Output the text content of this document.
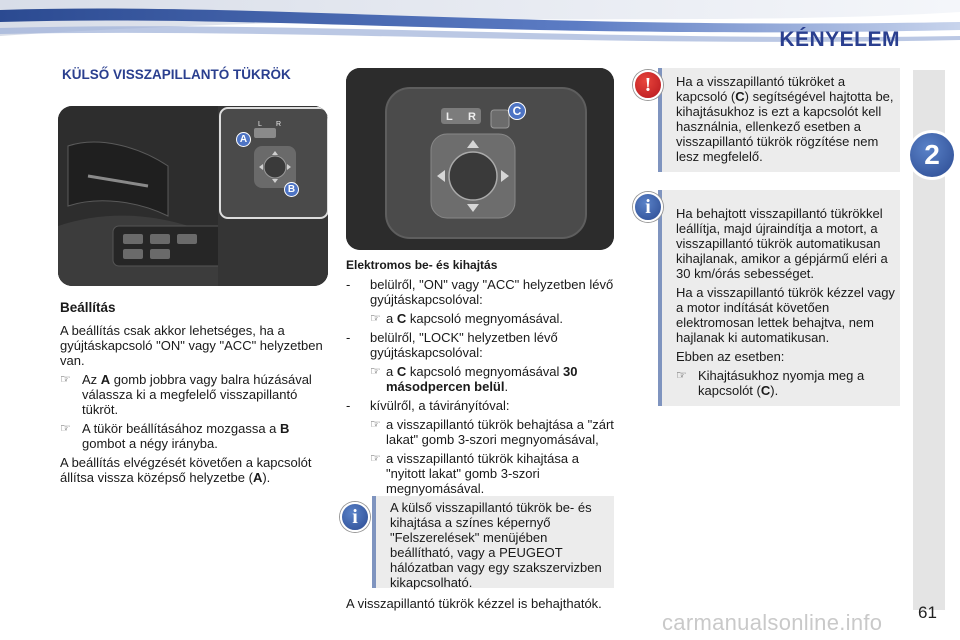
KÉNYELEM
2
KÜLSŐ VISSZAPILLANTÓ TÜKRÖK
L R
A
B
L R	C

Beállítás

A beállítás csak akkor lehetséges, ha a gyújtáskapcsoló "ON" vagy "ACC" helyzetben van.

☞ Az A gomb jobbra vagy balra húzásával válassza ki a megfelelő visszapillantó tükröt.
☞ A tükör beállításához mozgassa a B gombot a négy irányba.

A beállítás elvégzését követően a kapcsolót állítsa vissza középső helyzetbe (A).

Elektromos be- és kihajtás

-	belülről, "ON" vagy "ACC" helyzetben lévő gyújtáskapcsolóval:
☞ a C kapcsoló megnyomásával.
-	belülről, "LOCK" helyzetben lévő gyújtáskapcsolóval:
☞ a C kapcsoló megnyomásával 30 másodpercen belül.
-	kívülről, a távirányítóval:
☞ a visszapillantó tükrök behajtása a "zárt lakat" gomb 3-szori megnyomásával,
☞ a visszapillantó tükrök kihajtása a "nyitott lakat" gomb 3-szori megnyomásával.
A külső visszapillantó tükrök be- és kihajtása a színes képernyő "Felszerelések" menüjében beállítható, vagy a PEUGEOT hálózatban vagy egy szakszervizben kikapcsolható.
i
A visszapillantó tükrök kézzel is behajthatók.
Ha a visszapillantó tükröket a kapcsoló (C) segítségével hajtotta be, kihajtásukhoz is ezt a kapcsolót kell használnia, ellenkező esetben a visszapillantó tükrök rögzítése nem lesz megfelelő.
!

Ha behajtott visszapillantó tükrökkel leállítja, majd újraindítja a motort, a visszapillantó tükrök automatikusan kihajlanak, amikor a gépjármű eléri a 30 km/órás sebességet.

Ha a visszapillantó tükrök kézzel vagy a motor indítását követően elektromosan lettek behajtva, nem hajlanak ki automatikusan.

Ebben az esetben:

☞ Kihajtásukhoz nyomja meg a kapcsolót (C).
i
61
carmanualsonline.info
